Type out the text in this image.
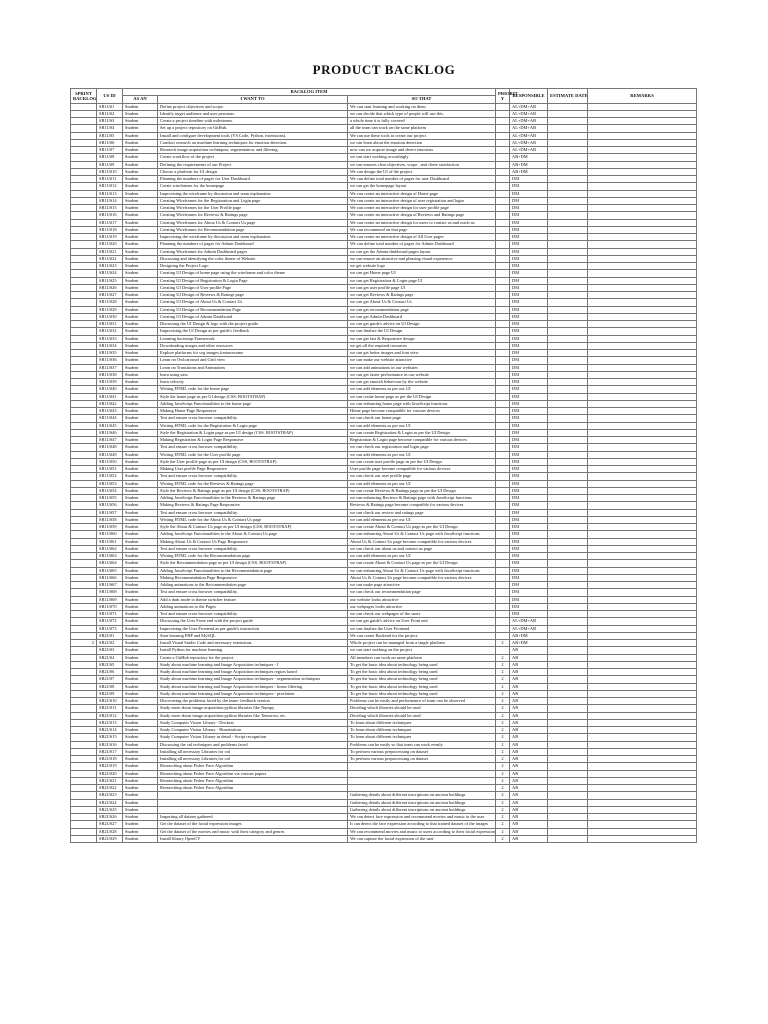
PRODUCT BACKLOG
SPRINT BACKLOG	US ID	BACKLOG ITEM			PRIORIT Y	RESPONSIBLE	ESTIMATE DATE	REMARKS
		AS AN	I WANT TO	SO THAT				
	SR1US1	Student	Define project objectives and scope.	We can start learning and working on them		AL+DM+AB		
	SR1US2	Student	Identify target audience and user personas.	we can decide that which type of people will use this.		AL+DM+AB		
	SR1US3	Student	Create a project timeline with milestones.	a whole time it is fully covered		AL+DM+AB		
	SR1US4	Student	Set up a project repository on GitHub.	all the team can work on the same platform		AL+DM+AB		
	SR1US5	Student	Install and configure development tools (VS Code, Python, extensions).	We can use these tools to create our project		AL+DM+AB		
	SR1US6	Student	Conduct research on machine learning techniques for emotion detection.	we can learn about the emotion detection		AL+DM+AB		
	SR1US7	Student	Research image acquisition techniques, segmentation, and filtering.	now can we acquire image and detect emotions		AL+DM+AB		
	SR1US8	Student	Create workflow of the project	we can start working accordingly		AB+DM		
	SR1US9	Student	Defining the requirements of our Project	we can ensures clear objectives, scope , and client satisfaction		AB+DM		
	SR1US10	Student	Choose a platform for UI design	We can design the UI of the project		AB+DM		
	SR1US11	Student	Planning the numbers of pages for User Dashboard	We can define total number of pages for user Dashboard		DM		
	SR1US12	Student	Create wireframes for the homepage	we can get the homepage layout		DM		
	SR1US13	Student	Improvising the wireframe by discussion and team explanation	We can create an interactive design of Home page		DM		
	SR1US14	Student	Creating Wireframes for the Registration and Login page	We can create an interactive design of user registration and login		DM		
	SR1US15	Student	Creating Wireframes for the User Profile page	We can create an interactive design for user profile page		DM		
	SR1US16	Student	Creating Wireframes for Reviews & Ratings page	We can create an interactive design of Reviews and Ratings page		DM		
	SR1US17	Student	Creating Wireframes for About Us & Contact Us page	We can create an interactive design for users to contact us and reach us		DM		
	SR1US18	Student	Creating Wireframes for Recommendation page	We can recommend on that page		DM		
	SR1US19	Student	Improvising the wireframe by discussion and team explanation	We can create an interactive design of All User pages		DM		
	SR1US20	Student	Planning the numbers of pages for Admin Dashboard	We can define total number of pages for Admin Dashboard		DM		
	SR1US21	Student	Creating Wireframes for Admin Dashboard pages	we can get the Admin dashboard pages layout		DM		
	SR1US22	Student	Discussing and identifying the color theme of Website	we can ensure an attractive and pleasing visual experience		DM		
	SR1US23	Student	Designing the Project Logo	we get website logo		DM		
	SR1US24	Student	Creating UI Design of home page using the wireframe and color theme	we can get Home page UI		DM		
	SR1US25	Student	Creating UI Design of Registration & Login Page	we can get Registration & Login page UI		DM		
	SR1US26	Student	Creating UI Design of User profile Page	we can get user profile page UI		DM		
	SR1US27	Student	Creating UI Design of Reviews & Ratings page	we can get Reviews & Ratings page		DM		
	SR1US28	Student	Creating UI Design of About Us & Contact Us	we can get About Us & Contact Us		DM		
	SR1US29	Student	Creating UI Design of Recommendation Page	we can get recommendation page		DM		
	SR1US30	Student	Creating UI Design of Admin Dashboard	we can get Admin Dashboard		DM		
	SR1US31	Student	Discussing the UI Design & logo with the project guide	we can get guide's advice on UI Design		DM		
	SR1US32	Student	Improvising the UI Design as per guide's feedback	we can finalize the UI Design		DM		
	SR1US33	Student	Learning bootstrap Framework	we can get fast & Responsive design		DM		
	SR1US34	Student	Downloading images and other resources	we get all the required resources		DM		
	SR1US35	Student	Explore platforms for svg images,fontawesome	we can get better images and font view		DM		
	SR1US36	Student	Learn on Owlcarousel and Grid view	we can make our website attractive		DM		
	SR1US37	Student	Learn on Transitions and Animations	we can add animations in our websites		DM		
	SR1US38	Student	learn using sass	we can get faster performance in our website		DM		
	SR1US39	Student	learn velocity	we can get smooth behaviour by the website		DM		
	SR1US40	Student	Writing HTML code for the home page	we can add elements as per our UI		DM		
	SR1US41	Student	Style the home page as per UI design (CSS, BOOTSTRAP)	we can create home page as per the UI Design		DM		
	SR1US42	Student	Adding JavaScript Functionalities to the home page	we can enhancing home page with JavaScript functions		DM		
	SR1US43	Student	Making Home Page Responsive	Home page become compatible for various devices		DM		
	SR1US44	Student	Test and ensure cross browser compatibility.	we can check our home page		DM		
	SR1US45	Student	Writing HTML code for the Registration & Login page	we can add elements as per our UI		DM		
	SR1US46	Student	Style the Registration & Login page as per UI design (CSS, BOOTSTRAP)	we can create Registration & Login as per the UI Design		DM		
	SR1US47	Student	Making Registration & Login Page Responsive	Registration & Login page become compatible for various devices		DM		
	SR1US48	Student	Test and ensure cross browser compatibility.	we can check our registration and login page		DM		
	SR1US49	Student	Writing HTML code for the User profile page	we can add elements as per our UI		DM		
	SR1US50	Student	Style the User profile page as per UI design (CSS, BOOTSTRAP)	we can create user profile page as per the UI Design		DM		
	SR1US51	Student	Making User profile Page Responsive	User profile page become compatible for various devices		DM		
	SR1US52	Student	Test and ensure cross browser compatibility.	we can check our user profile page		DM		
	SR1US53	Student	Writing HTML code for the Reviews & Ratings page	we can add elements as per our UI		DM		
	SR1US54	Student	Style the Reviews & Ratings page as per UI design (CSS, BOOTSTRAP)	we can create Reviews & Ratings page as per the UI Design		DM		
	SR1US55	Student	Adding JavaScript Functionalities to the Reviews & Ratings page	we can enhancing Reviews & Ratings page with JavaScript functions		DM		
	SR1US56	Student	Making Reviews & Ratings Page Responsive	Reviews & Ratings page become compatible for various devices		DM		
	SR1US57	Student	Test and ensure cross browser compatibility.	we can check our review and ratings page		DM		
	SR1US58	Student	Writing HTML code for the About Us & Contact Us page	we can add elements as per our UI		DM		
	SR1US59	Student	Style the About & Contact Us page as per UI design (CSS, BOOTSTRAP)	we can create About & Contact Us page as per the UI Design		DM		
	SR1US60	Student	Adding JavaScript Functionalities to the About & Contact Us page	we can enhancing About Us & Contact Us page with JavaScript functions		DM		
	SR1US61	Student	Making About Us & Contact Us Page Responsive	About Us & Contact Us page become compatible for various devices		DM		
	SR1US62	Student	Test and ensure cross browser compatibility.	we can check our about us and contact us page		DM		
	SR1US63	Student	Writing HTML code for the Recommendation page	we can add elements as per our UI		DM		
	SR1US64	Student	Style the Recommendation page as per UI design (CSS, BOOTSTRAP)	we can create About & Contact Us page as per the UI Design		DM		
	SR1US65	Student	Adding JavaScript Functionalities to the Recommendation page	we can enhancing About Us & Contact Us page with JavaScript functions		DM		
	SR1US66	Student	Making Recommendation Page Responsive	About Us & Contact Us page become compatible for various devices		DM		
	SR1US67	Student	Adding animations to the Recommendation page	we can make page attractive		DM		
	SR1US68	Student	Test and ensure cross browser compatibility.	we can check our recommendation page		DM		
	SR1US69	Student	Add a dark mode to theme switcher feature	our website looks attractive		DM		
	SR1US70	Student	Adding animations to the Pages	our webpages looks attractive		DM		
	SR1US71	Student	Test and ensure cross browser compatibility.	we can check our webpages of the users		DM		
	SR1US72	Student	Discussing the User Front end with the project guide	we can get guide's advice on User Front end		AL+DM+AB		
	SR1US73	Student	Improvising the User Frontend as per guide's instruction	we can finalize the User Frontend		AL+DM+AB		
	SR2US1	Student	Start learning PHP and MySQL	We can create Backend for the project.		AB+DM		
2	SR2US2	Student	Install Visual Studio Code and necessary extensions.	Whole project can be managed from a single platform	2	AB+DM		
	SR2US3	Student	Install Python for machine learning	we can start working on the project		AB		
	SR2US4	Student	Create a GitHub repository for the project	All members can work on same platform	2	AB		
	SR2US5	Student	Study about machine learning and Image Acquisition techniques - I	To get the basic idea about technology being used	2	AB		
	SR2US6	Student	Study about machine learning and Image Acquisition techniques region based	To get the basic idea about technology being used	2	AB		
	SR2US7	Student	Study about machine learning and Image Acquisition techniques - segmentation techniques	To get the basic idea about technology being used	2	AB		
	SR2US8	Student	Study about machine learning and Image Acquisition techniques - linear filtering	To get the basic idea about technology being used	2	AB		
	SR2US9	Student	Study about machine learning and Image Acquisition techniques - pixelation	To get the basic idea about technology being used	2	AB		
	SR2US10	Student	Discovering the problems faced by the team- feedback session	Problems can be easily and performance of team can be observed	2	AB		
	SR2US11	Student	Study more about image acquisition python libraries like Numpy	Deciding which libraries should be used	2	AB		
	SR2US12	Student	Study more about image acquisition python libraries like Tensorow, etc.	Deciding which libraries should be used	2	AB		
	SR2US13	Student	Study Computer Vision Library - Dockers	To learn about different techniques	2	AB		
	SR2US14	Student	Study Computer Vision Library - Binarization	To learn about different techniques	2	AB		
	SR2US15	Student	Study Computer Vision Library in detail - Script recognition	To learn about different techniques	2	AB		
	SR2US16	Student	Discussing the cnl techniques and problems faced	Problems can be easily so that team can work evenly	2	AB		
	SR2US17	Student	Installing all necessary Libraries for cnl	To perform various preprocessing on dataset	2	AB		
	SR2US18	Student	Installing all necessary Libraries for cnl	To perform various preprocessing on dataset	2	AB		
	SR2US19	Student	Researching about Fisher Face Algorithm		2	AB		
	SR2US20	Student	Researching about Fisher Face Algorithm via various papers		2	AB		
	SR2US21	Student	Researching about Fisher Face Algorithm		2	AB		
	SR2US22	Student	Researching about Fisher Face Algorithm		2	AB		
	SR2US23	Student		Gathering details about different inscriptions on ancient buildings	2	AB		
	SR2US24	Student		Gathering details about different inscriptions on ancient buildings	2	AB		
	SR2US25	Student		Gathering details about different inscriptions on ancient buildings	2	AB		
	SR2US26	Student	Importing all dataset gathered	We can detect face expression and recommend movies and music to the user	2	AB		
	SR2US27	Student	Get the dataset of the facial expression images	It can detect the face expression according to that trained dataset of the images	2	AB		
	SR2US28	Student	Get the dataset of the movies and music with their category and genres	We can recommend movies and music to users according to their facial expression	2	AB		
	SR2US29	Student	Install library OpenCV	We can capture the facial expression of the user	2	AB		
